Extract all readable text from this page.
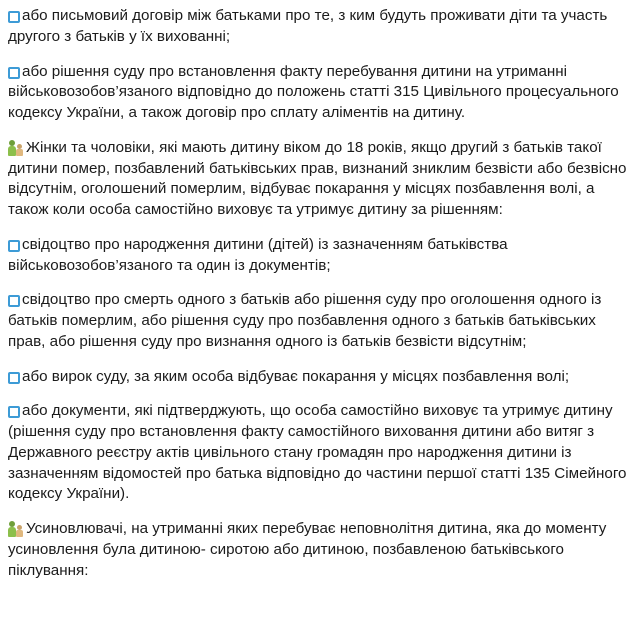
або письмовий договір між батьками про те, з ким будуть проживати діти та участь другого з батьків у їх вихованні;

або рішення суду про встановлення факту перебування дитини на утриманні військовозобов’язаного відповідно до положень статті 315 Цивільного процесуального кодексу України, а також договір про сплату аліментів на дитину.

Жінки та чоловіки, які мають дитину віком до 18 років, якщо другий з батьків такої дитини помер, позбавлений батьківських прав, визнаний зниклим безвісти або безвісно відсутнім, оголошений померлим, відбуває покарання у місцях позбавлення волі, а також коли особа самостійно виховує та утримує дитину за рішенням:

свідоцтво про народження дитини (дітей) із зазначенням батьківства військовозобов’язаного та один із документів;

свідоцтво про смерть одного з батьків або рішення суду про оголошення одного із батьків померлим, або рішення суду про позбавлення одного з батьків батьківських прав, або рішення суду про визнання одного із батьків безвісти відсутнім;

або вирок суду, за яким особа відбуває покарання у місцях позбавлення волі;

або документи, які підтверджують, що особа самостійно виховує та утримує дитину (рішення суду про встановлення факту самостійного виховання дитини або витяг з Державного реєстру актів цивільного стану громадян про народження дитини із зазначенням відомостей про батька відповідно до частини першої статті 135 Сімейного кодексу України).

Усиновлювачі, на утриманні яких перебуває неповнолітня дитина, яка до моменту усиновлення була дитиною- сиротою або дитиною, позбавленою батьківського піклування:
